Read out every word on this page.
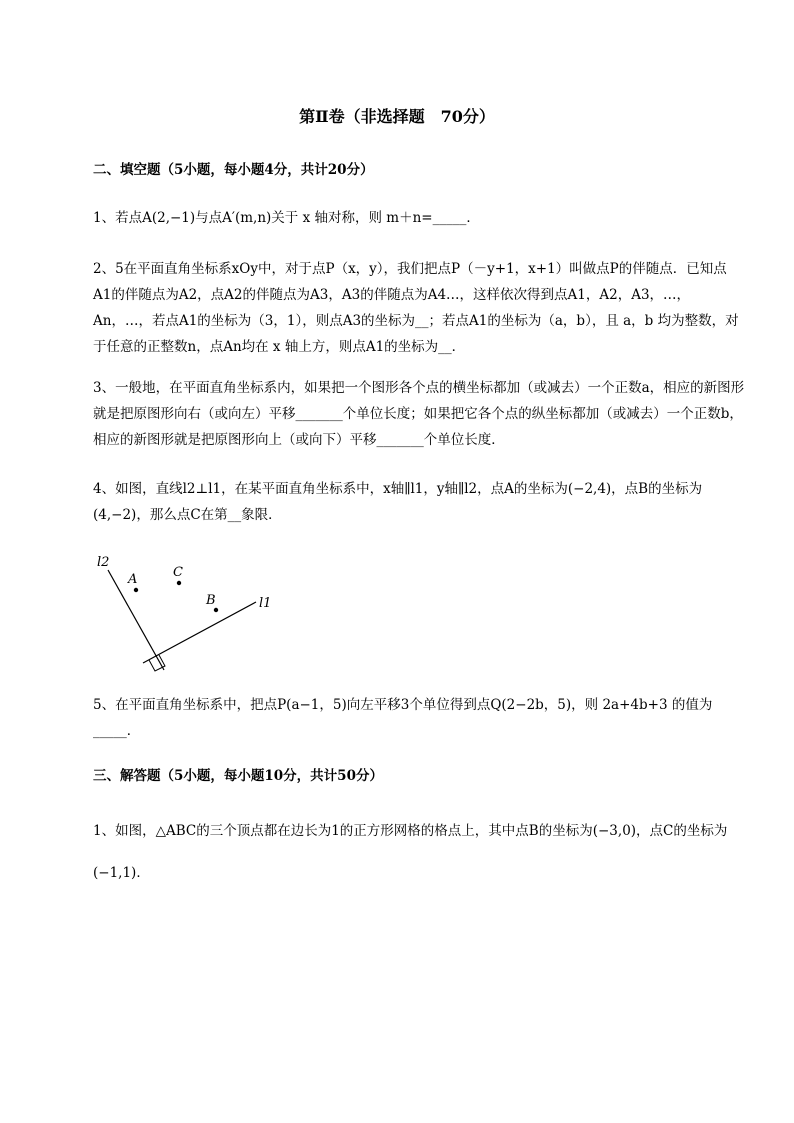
第Ⅱ卷（非选择题　70分）
二、填空题（5小题，每小题4分，共计20分）
1、若点A(2,−1)与点A′(m,n)关于 x 轴对称，则 m＋n=_____．
2、5在平面直角坐标系xOy中，对于点P（x，y），我们把点P（－y+1，x+1）叫做点P的伴随点．已知点A1的伴随点为A2，点A2的伴随点为A3，A3的伴随点为A4…，这样依次得到点A1，A2，A3，…，An，…，若点A1的坐标为（3，1），则点A3的坐标为__；若点A1的坐标为（a，b），且 a，b 均为整数，对于任意的正整数n，点An均在 x 轴上方，则点A1的坐标为__．
3、一般地，在平面直角坐标系内，如果把一个图形各个点的横坐标都加（或减去）一个正数a，相应的新图形就是把原图形向右（或向左）平移_______个单位长度；如果把它各个点的纵坐标都加（或减去）一个正数b，相应的新图形就是把原图形向上（或向下）平移_______个单位长度．
4、如图，直线l2⊥l1，在某平面直角坐标系中，x轴∥l1，y轴∥l2，点A的坐标为(−2,4)，点B的坐标为(4,−2)，那么点C在第__象限．
l2
A	C
B	l1
5、在平面直角坐标系中，把点P(a−1，5)向左平移3个单位得到点Q(2−2b，5)，则 2a+4b+3 的值为_____．
三、解答题（5小题，每小题10分，共计50分）
1、如图，△ABC的三个顶点都在边长为1的正方形网格的格点上，其中点B的坐标为(−3,0)，点C的坐标为(−1,1)．
